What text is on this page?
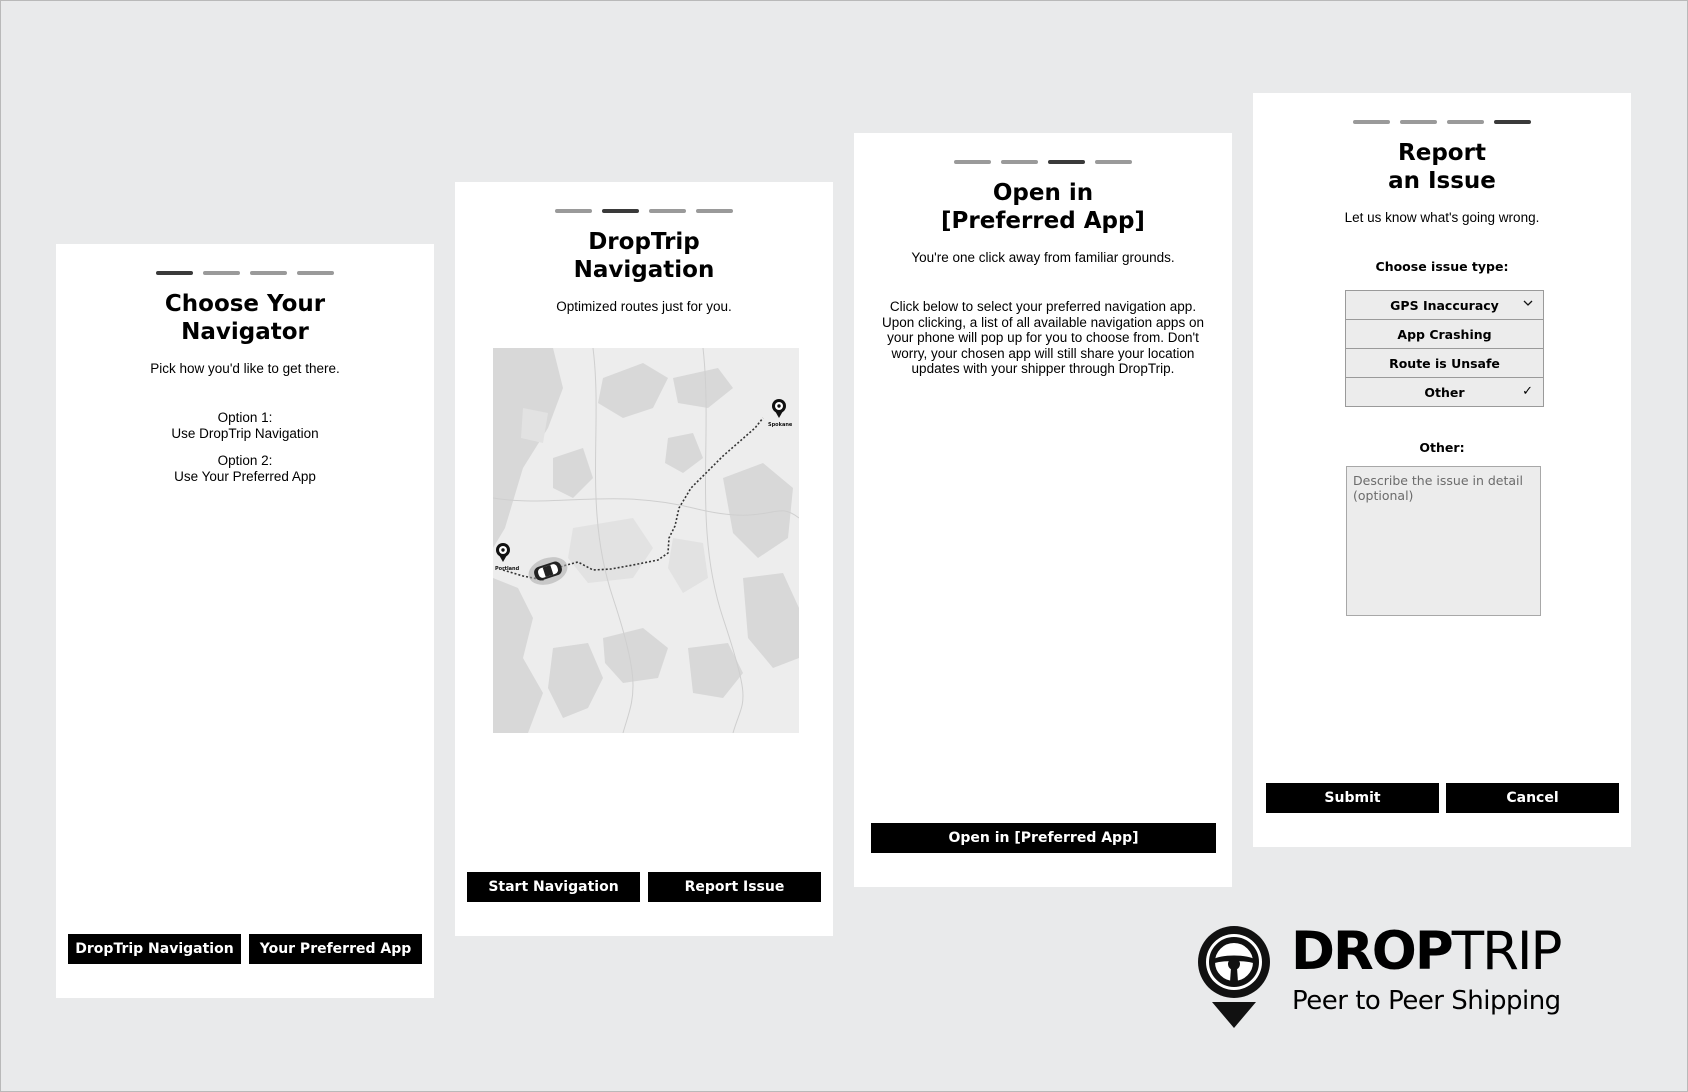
Choose Your
Navigator
Pick how you'd like to get there.
Option 1:
Use DropTrip Navigation
Option 2:
Use Your Preferred App
DropTrip Navigation	Your Preferred App
DropTrip
Navigation
Optimized routes just for you.
Portland
Spokane
Start Navigation	Report Issue
Open in
[Preferred App]
You're one click away from familiar grounds.
Click below to select your preferred navigation app.
Upon clicking, a list of all available navigation apps on
your phone will pop up for you to choose from. Don't
worry, your chosen app will still share your location
updates with your shipper through DropTrip.
Open in [Preferred App]
Report
an Issue
Let us know what's going wrong.
Choose issue type:
GPS Inaccuracy
App Crashing
Route is Unsafe
Other	✓
Other:
Describe the issue in detail (optional)
Submit	Cancel
DROPTRIP
Peer to Peer Shipping
